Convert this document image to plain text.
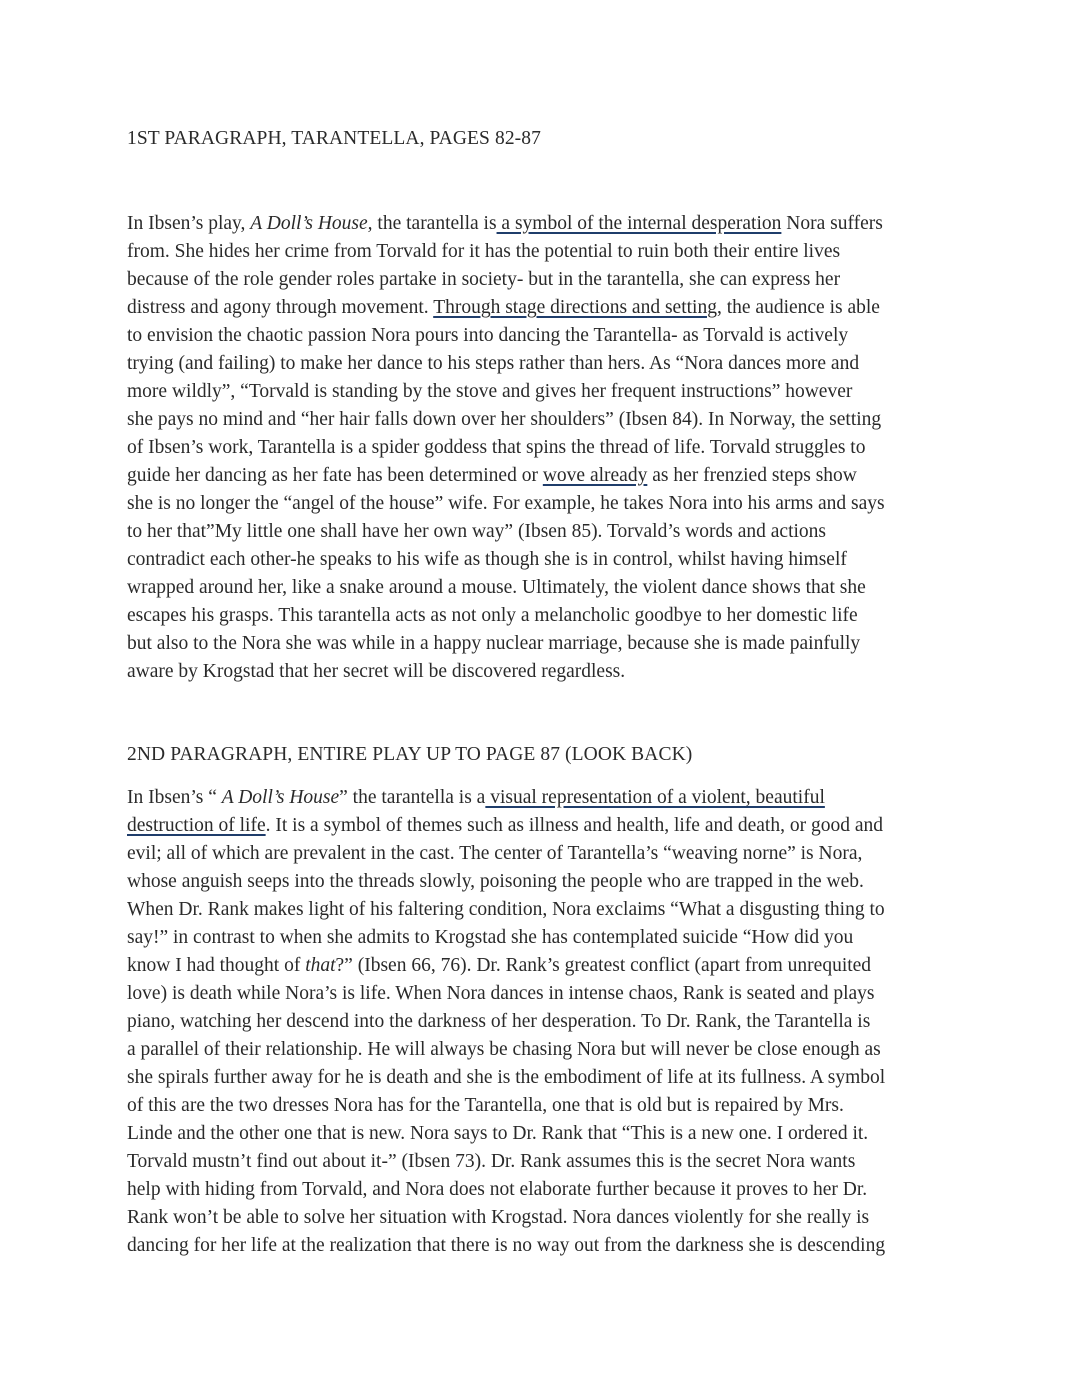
1ST PARAGRAPH, TARANTELLA, PAGES 82-87
In Ibsen’s play, A Doll’s House, the tarantella is a symbol of the internal desperation Nora suffers
from. She hides her crime from Torvald for it has the potential to ruin both their entire lives
because of the role gender roles partake in society- but in the tarantella, she can express her
distress and agony through movement. Through stage directions and setting, the audience is able
to envision the chaotic passion Nora pours into dancing the Tarantella- as Torvald is actively
trying (and failing) to make her dance to his steps rather than hers. As “Nora dances more and
more wildly”, “Torvald is standing by the stove and gives her frequent instructions” however
she pays no mind and “her hair falls down over her shoulders” (Ibsen 84). In Norway, the setting
of Ibsen’s work, Tarantella is a spider goddess that spins the thread of life. Torvald struggles to
guide her dancing as her fate has been determined or wove already as her frenzied steps show
she is no longer the “angel of the house” wife. For example, he takes Nora into his arms and says
to her that”My little one shall have her own way” (Ibsen 85). Torvald’s words and actions
contradict each other-he speaks to his wife as though she is in control, whilst having himself
wrapped around her, like a snake around a mouse. Ultimately, the violent dance shows that she
escapes his grasps. This tarantella acts as not only a melancholic goodbye to her domestic life
but also to the Nora she was while in a happy nuclear marriage, because she is made painfully
aware by Krogstad that her secret will be discovered regardless.
2ND PARAGRAPH, ENTIRE PLAY UP TO PAGE 87 (LOOK BACK)
In Ibsen’s “ A Doll’s House” the tarantella is a visual representation of a violent, beautiful
destruction of life. It is a symbol of themes such as illness and health, life and death, or good and
evil; all of which are prevalent in the cast. The center of Tarantella’s “weaving norne” is Nora,
whose anguish seeps into the threads slowly, poisoning the people who are trapped in the web.
When Dr. Rank makes light of his faltering condition, Nora exclaims “What a disgusting thing to
say!” in contrast to when she admits to Krogstad she has contemplated suicide “How did you
know I had thought of that?” (Ibsen 66, 76). Dr. Rank’s greatest conflict (apart from unrequited
love) is death while Nora’s is life. When Nora dances in intense chaos, Rank is seated and plays
piano, watching her descend into the darkness of her desperation. To Dr. Rank, the Tarantella is
a parallel of their relationship. He will always be chasing Nora but will never be close enough as
she spirals further away for he is death and she is the embodiment of life at its fullness. A symbol
of this are the two dresses Nora has for the Tarantella, one that is old but is repaired by Mrs.
Linde and the other one that is new. Nora says to Dr. Rank that “This is a new one. I ordered it.
Torvald mustn’t find out about it-” (Ibsen 73). Dr. Rank assumes this is the secret Nora wants
help with hiding from Torvald, and Nora does not elaborate further because it proves to her Dr.
Rank won’t be able to solve her situation with Krogstad. Nora dances violently for she really is
dancing for her life at the realization that there is no way out from the darkness she is descending
